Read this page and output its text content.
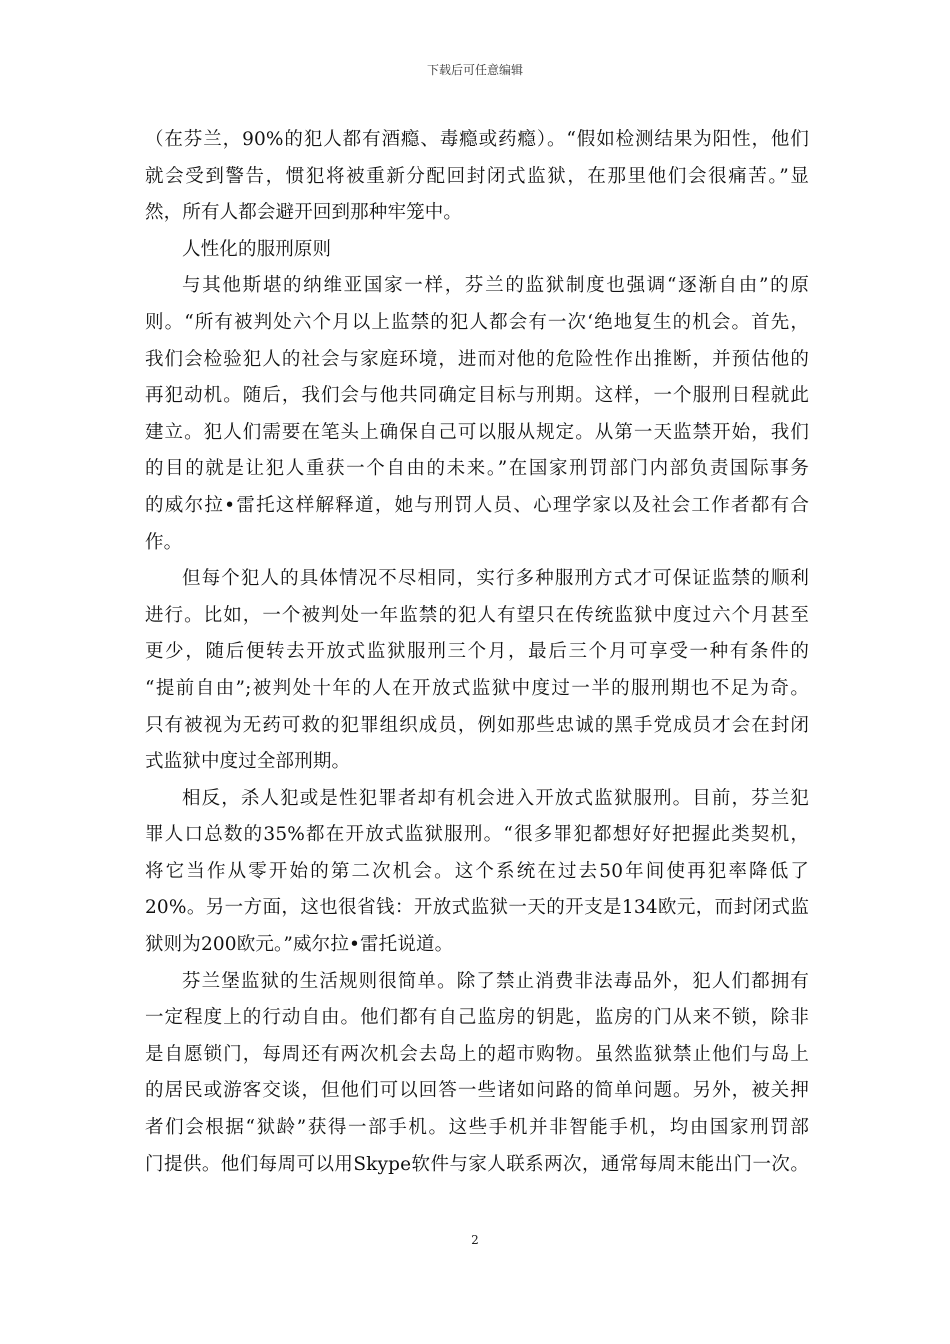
下载后可任意编辑
（在芬兰，90%的犯人都有酒瘾、毒瘾或药瘾）。“假如检测结果为阳性，他们
就会受到警告，惯犯将被重新分配回封闭式监狱，在那里他们会很痛苦。”显
然，所有人都会避开回到那种牢笼中。
人性化的服刑原则
与其他斯堪的纳维亚国家一样，芬兰的监狱制度也强调“逐渐自由”的原
则。“所有被判处六个月以上监禁的犯人都会有一次‘绝地复生的机会。首先，
我们会检验犯人的社会与家庭环境，进而对他的危险性作出推断，并预估他的
再犯动机。随后，我们会与他共同确定目标与刑期。这样，一个服刑日程就此
建立。犯人们需要在笔头上确保自己可以服从规定。从第一天监禁开始，我们
的目的就是让犯人重获一个自由的未来。”在国家刑罚部门内部负责国际事务
的威尔拉•雷托这样解释道，她与刑罚人员、心理学家以及社会工作者都有合
作。
但每个犯人的具体情况不尽相同，实行多种服刑方式才可保证监禁的顺利
进行。比如，一个被判处一年监禁的犯人有望只在传统监狱中度过六个月甚至
更少，随后便转去开放式监狱服刑三个月，最后三个月可享受一种有条件的
“提前自由”;被判处十年的人在开放式监狱中度过一半的服刑期也不足为奇。
只有被视为无药可救的犯罪组织成员，例如那些忠诚的黑手党成员才会在封闭
式监狱中度过全部刑期。
相反，杀人犯或是性犯罪者却有机会进入开放式监狱服刑。目前，芬兰犯
罪人口总数的35%都在开放式监狱服刑。“很多罪犯都想好好把握此类契机，
将它当作从零开始的第二次机会。这个系统在过去50年间使再犯率降低了
20%。另一方面，这也很省钱：开放式监狱一天的开支是134欧元，而封闭式监
狱则为200欧元。”威尔拉•雷托说道。
芬兰堡监狱的生活规则很简单。除了禁止消费非法毒品外，犯人们都拥有
一定程度上的行动自由。他们都有自己监房的钥匙，监房的门从来不锁，除非
是自愿锁门，每周还有两次机会去岛上的超市购物。虽然监狱禁止他们与岛上
的居民或游客交谈，但他们可以回答一些诸如问路的简单问题。另外，被关押
者们会根据“狱龄”获得一部手机。这些手机并非智能手机，均由国家刑罚部
门提供。他们每周可以用Skype软件与家人联系两次，通常每周末能出门一次。
2
